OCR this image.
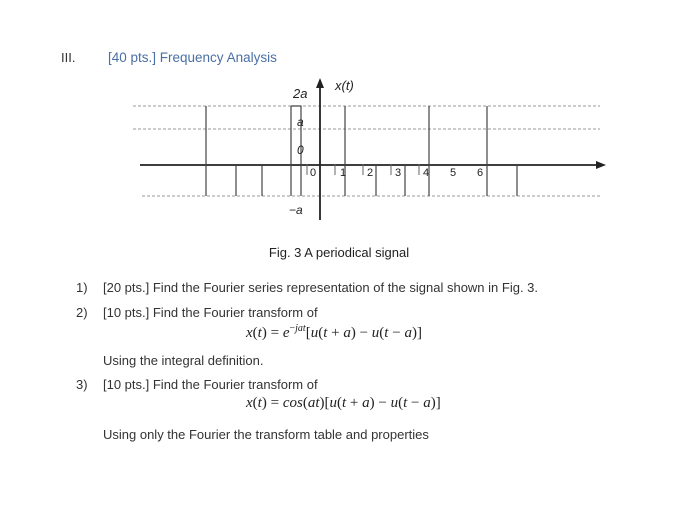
III. [40 pts.] Frequency Analysis
2a
a
0
−a
x(t)
0 1 2 3 4 5 6
Fig. 3 A periodical signal
1) [20 pts.] Find the Fourier series representation of the signal shown in Fig. 3.
2) [10 pts.] Find the Fourier transform of
$x(t) = e^{-jat}[u(t + a) - u(t - a)]$
Using the integral definition.
3) [10 pts.] Find the Fourier transform of
x(t) = cos(at)[u(t + a) − u(t − a)]
Using only the Fourier the transform table and properties
